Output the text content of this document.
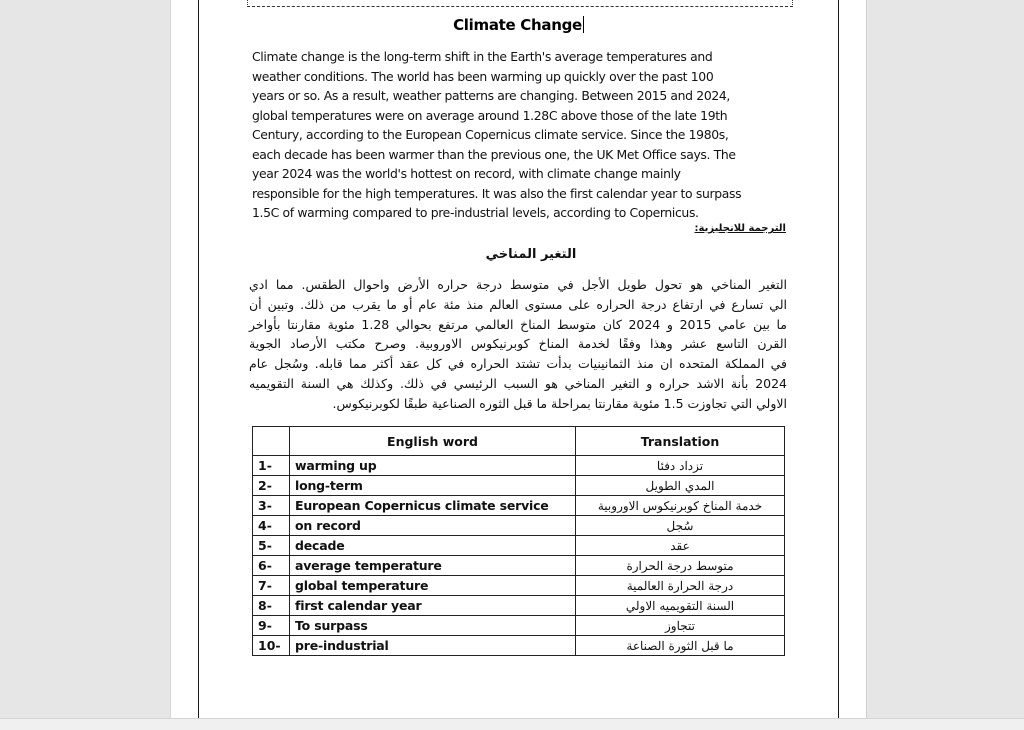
Climate Change
Climate change is the long-term shift in the Earth's average temperatures and
weather conditions. The world has been warming up quickly over the past 100
years or so. As a result, weather patterns are changing. Between 2015 and 2024,
global temperatures were on average around 1.28C above those of the late 19th
Century, according to the European Copernicus climate service. Since the 1980s,
each decade has been warmer than the previous one, the UK Met Office says. The
year 2024 was the world's hottest on record, with climate change mainly
responsible for the high temperatures. It was also the first calendar year to surpass
1.5C of warming compared to pre-industrial levels, according to Copernicus.
الترجمة للانجليزية:
التغير المناخي
التغير المناخي هو تحول طويل الأجل في متوسط درجة حراره الأرض واحوال الطقس. مما ادي
الي تسارع في ارتفاع درجة الحراره على مستوى العالم منذ مئة عام أو ما يقرب من ذلك. وتبين أن
ما بين عامي 2015 و 2024 كان متوسط المناخ العالمي مرتفع بحوالي 1.28 مئوية مقارنتا بأواخر
القرن التاسع عشر وهذا وفقًا لخدمة المناخ كوبرنيكوس الاوروبية. وصرح مكتب الأرصاد الجوية
في المملكة المتحده ان منذ الثمانينيات بدأت تشتد الحراره في كل عقد أكثر مما قابله. وسُجل عام
2024 بأنة الاشد حراره و التغير المناخي هو السبب الرئيسي في ذلك. وكذلك هي السنة التقويميه
الاولي التي تجاوزت 1.5 مئوية مقارنتا بمراحلة ما قبل الثوره الصناعية طبقًا لكوبرنيكوس.
	English word	Translation
1-	warming up	تزداد دفئا
2-	long-term	المدي الطويل
3-	European Copernicus climate service	خدمة المناخ كوبرنيكوس الاوروبية
4-	on record	سُجل
5-	decade	عقد
6-	average temperature	متوسط درجة الحرارة
7-	global temperature	درجة الحرارة العالمية
8-	first calendar year	السنة التقويميه الاولي
9-	To surpass	تتجاوز
10-	pre-industrial	ما قبل الثورة الصناعة
